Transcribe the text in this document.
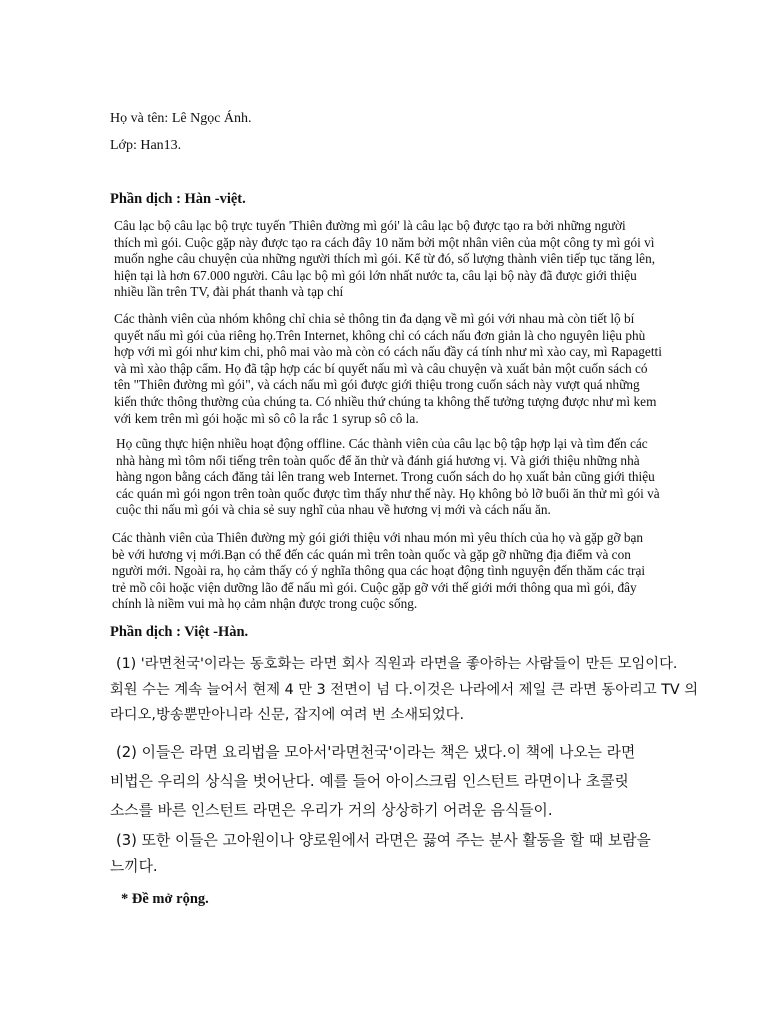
Họ và tên: Lê Ngọc Ánh.

Lớp: Han13.

Phần dịch : Hàn -việt.

Câu lạc bộ câu lạc bộ trực tuyến 'Thiên đường mì gói' là câu lạc bộ được tạo ra bởi những người
thích mì gói. Cuộc gặp này được tạo ra cách đây 10 năm bởi một nhân viên của một công ty mì gói vì
muốn nghe câu chuyện của những người thích mì gói. Kể từ đó, số lượng thành viên tiếp tục tăng lên,
hiện tại là hơn 67.000 người. Câu lạc bộ mì gói lớn nhất nước ta, câu lại bộ này đã được giới thiệu
nhiều lần trên TV, đài phát thanh và tạp chí
Các thành viên của nhóm không chỉ chia sẻ thông tin đa dạng về mì gói với nhau mà còn tiết lộ bí
quyết nấu mì gói của riêng họ.Trên Internet, không chỉ có cách nấu đơn giản là cho nguyên liệu phù
hợp với mì gói như kim chi, phô mai vào mà còn có cách nấu đầy cá tính như mì xào cay, mì Rapagetti
và mì xào thập cẩm. Họ đã tập hợp các bí quyết nấu mì và câu chuyện và xuất bản một cuốn sách có
tên "Thiên đường mì gói", và cách nấu mì gói được giới thiệu trong cuốn sách này vượt quá những
kiến thức thông thường của chúng ta. Có nhiều thứ chúng ta không thể tưởng tượng được như mì kem
với kem trên mì gói hoặc mì sô cô la rắc 1 syrup sô cô la.
Họ cũng thực hiện nhiều hoạt động offline. Các thành viên của câu lạc bộ tập hợp lại và tìm đến các
nhà hàng mì tôm nổi tiếng trên toàn quốc để ăn thử và đánh giá hương vị. Và giới thiệu những nhà
hàng ngon bằng cách đăng tải lên trang web Internet. Trong cuốn sách do họ xuất bản cũng giới thiệu
các quán mì gói ngon trên toàn quốc được tìm thấy như thế này. Họ không bỏ lỡ buổi ăn thử mì gói và
cuộc thi nấu mì gói và chia sẻ suy nghĩ của nhau về hương vị mới và cách nấu ăn.
Các thành viên của Thiên đường mỳ gói giới thiệu với nhau món mì yêu thích của họ và gặp gỡ bạn
bè với hương vị mới.Bạn có thể đến các quán mì trên toàn quốc và gặp gỡ những địa điểm và con
người mới. Ngoài ra, họ cảm thấy có ý nghĩa thông qua các hoạt động tình nguyện đến thăm các trại
trẻ mồ côi hoặc viện dưỡng lão để nấu mì gói. Cuộc gặp gỡ với thế giới mới thông qua mì gói, đây
chính là niềm vui mà họ cảm nhận được trong cuộc sống.

Phần dịch : Việt -Hàn.

(1) '라면천국'이라는 동호화는 라면 회사 직원과 라면을 좋아하는 사람들이 만든 모임이다.
회원 수는 계속 늘어서 현제 4 만 3 전면이 넘 다.이것은 나라에서 제일 큰 라면 동아리고 TV 의
라디오,방송뿐만아니라 신문, 잡지에 여려 번 소새되었다.
(2) 이들은 라면 요리법을 모아서'라면천국'이라는 책은 냈다.이 책에 나오는 라면
비법은 우리의 상식을 벗어난다. 예를 들어 아이스크림 인스턴트 라면이나 초콜릿
소스를 바른 인스턴트 라면은 우리가 거의 상상하기 어려운 음식들이.
(3) 또한 이들은 고아원이나 양로원에서 라면은 끓여 주는 분사 활동을 할 때 보람을
느끼다.

* Đề mở rộng.
